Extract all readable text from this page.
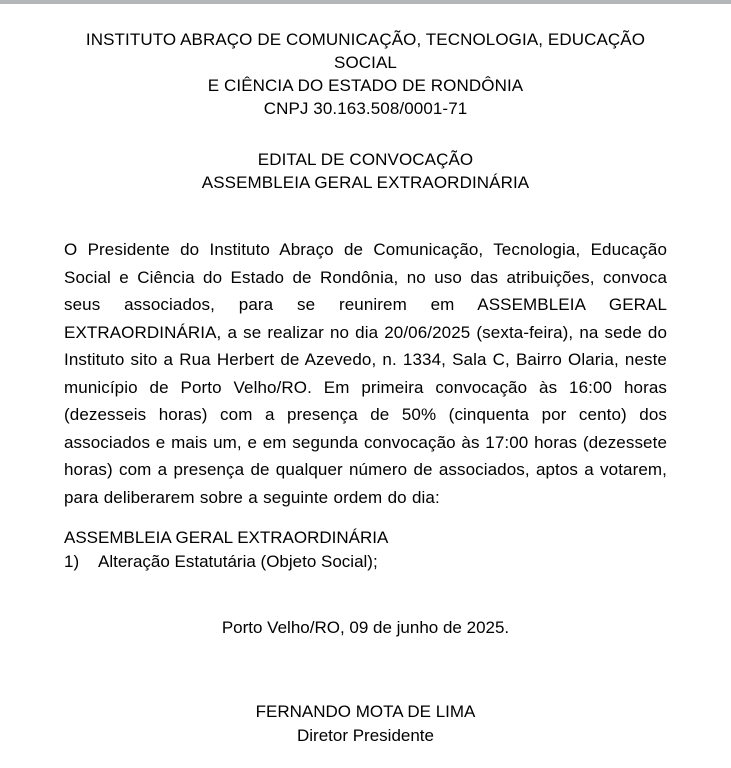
INSTITUTO ABRAÇO DE COMUNICAÇÃO, TECNOLOGIA, EDUCAÇÃO SOCIAL
E CIÊNCIA DO ESTADO DE RONDÔNIA
CNPJ 30.163.508/0001-71
EDITAL DE CONVOCAÇÃO
ASSEMBLEIA GERAL EXTRAORDINÁRIA
O Presidente do Instituto Abraço de Comunicação, Tecnologia, Educação Social e Ciência do Estado de Rondônia, no uso das atribuições, convoca seus associados, para se reunirem em ASSEMBLEIA GERAL EXTRAORDINÁRIA, a se realizar no dia 20/06/2025 (sexta-feira), na sede do Instituto sito a Rua Herbert de Azevedo, n. 1334, Sala C, Bairro Olaria, neste município de Porto Velho/RO. Em primeira convocação às 16:00 horas (dezesseis horas) com a presença de 50% (cinquenta por cento) dos associados e mais um, e em segunda convocação às 17:00 horas (dezessete horas) com a presença de qualquer número de associados, aptos a votarem, para deliberarem sobre a seguinte ordem do dia:
ASSEMBLEIA GERAL EXTRAORDINÁRIA
1) Alteração Estatutária (Objeto Social);
Porto Velho/RO, 09 de junho de 2025.
FERNANDO MOTA DE LIMA
Diretor Presidente
